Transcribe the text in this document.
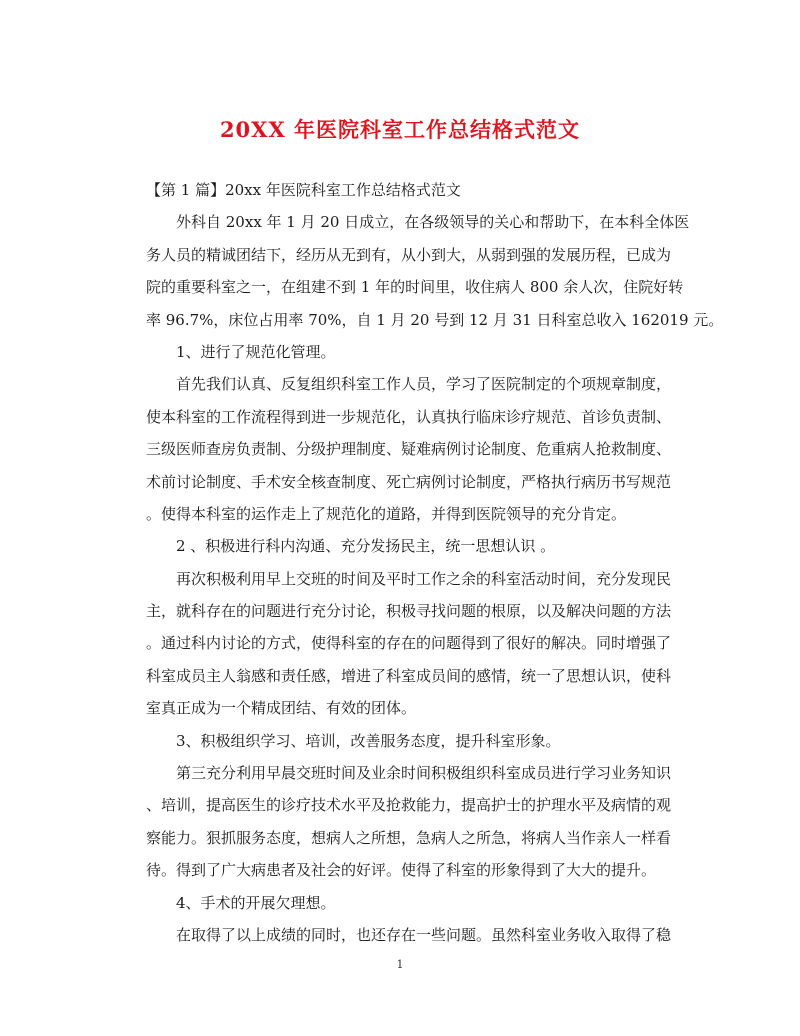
20XX 年医院科室工作总结格式范文
【第 1 篇】20xx 年医院科室工作总结格式范文
外科自 20xx 年 1 月 20 日成立，在各级领导的关心和帮助下，在本科全体医
务人员的精诚团结下，经历从无到有，从小到大，从弱到强的发展历程，已成为
院的重要科室之一，在组建不到 1 年的时间里，收住病人 800 余人次，住院好转
率 96.7%，床位占用率 70%，自 1 月 20 号到 12 月 31 日科室总收入 162019 元。
1、进行了规范化管理。
首先我们认真、反复组织科室工作人员，学习了医院制定的个项规章制度，
使本科室的工作流程得到进一步规范化，认真执行临床诊疗规范、首诊负责制、
三级医师查房负责制、分级护理制度、疑难病例讨论制度、危重病人抢救制度、
术前讨论制度、手术安全核查制度、死亡病例讨论制度，严格执行病历书写规范
。使得本科室的运作走上了规范化的道路，并得到医院领导的充分肯定。
2 、积极进行科内沟通、充分发扬民主，统一思想认识 。
再次积极利用早上交班的时间及平时工作之余的科室活动时间，充分发现民
主，就科存在的问题进行充分讨论，积极寻找问题的根原，以及解决问题的方法
。通过科内讨论的方式，使得科室的存在的问题得到了很好的解决。同时增强了
科室成员主人翁感和责任感，增进了科室成员间的感情，统一了思想认识，使科
室真正成为一个精成团结、有效的团体。
3、积极组织学习、培训，改善服务态度，提升科室形象。
第三充分利用早晨交班时间及业余时间积极组织科室成员进行学习业务知识
、培训，提高医生的诊疗技术水平及抢救能力，提高护士的护理水平及病情的观
察能力。狠抓服务态度，想病人之所想，急病人之所急，将病人当作亲人一样看
待。得到了广大病患者及社会的好评。使得了科室的形象得到了大大的提升。
4、手术的开展欠理想。
在取得了以上成绩的同时，也还存在一些问题。虽然科室业务收入取得了稳
1
